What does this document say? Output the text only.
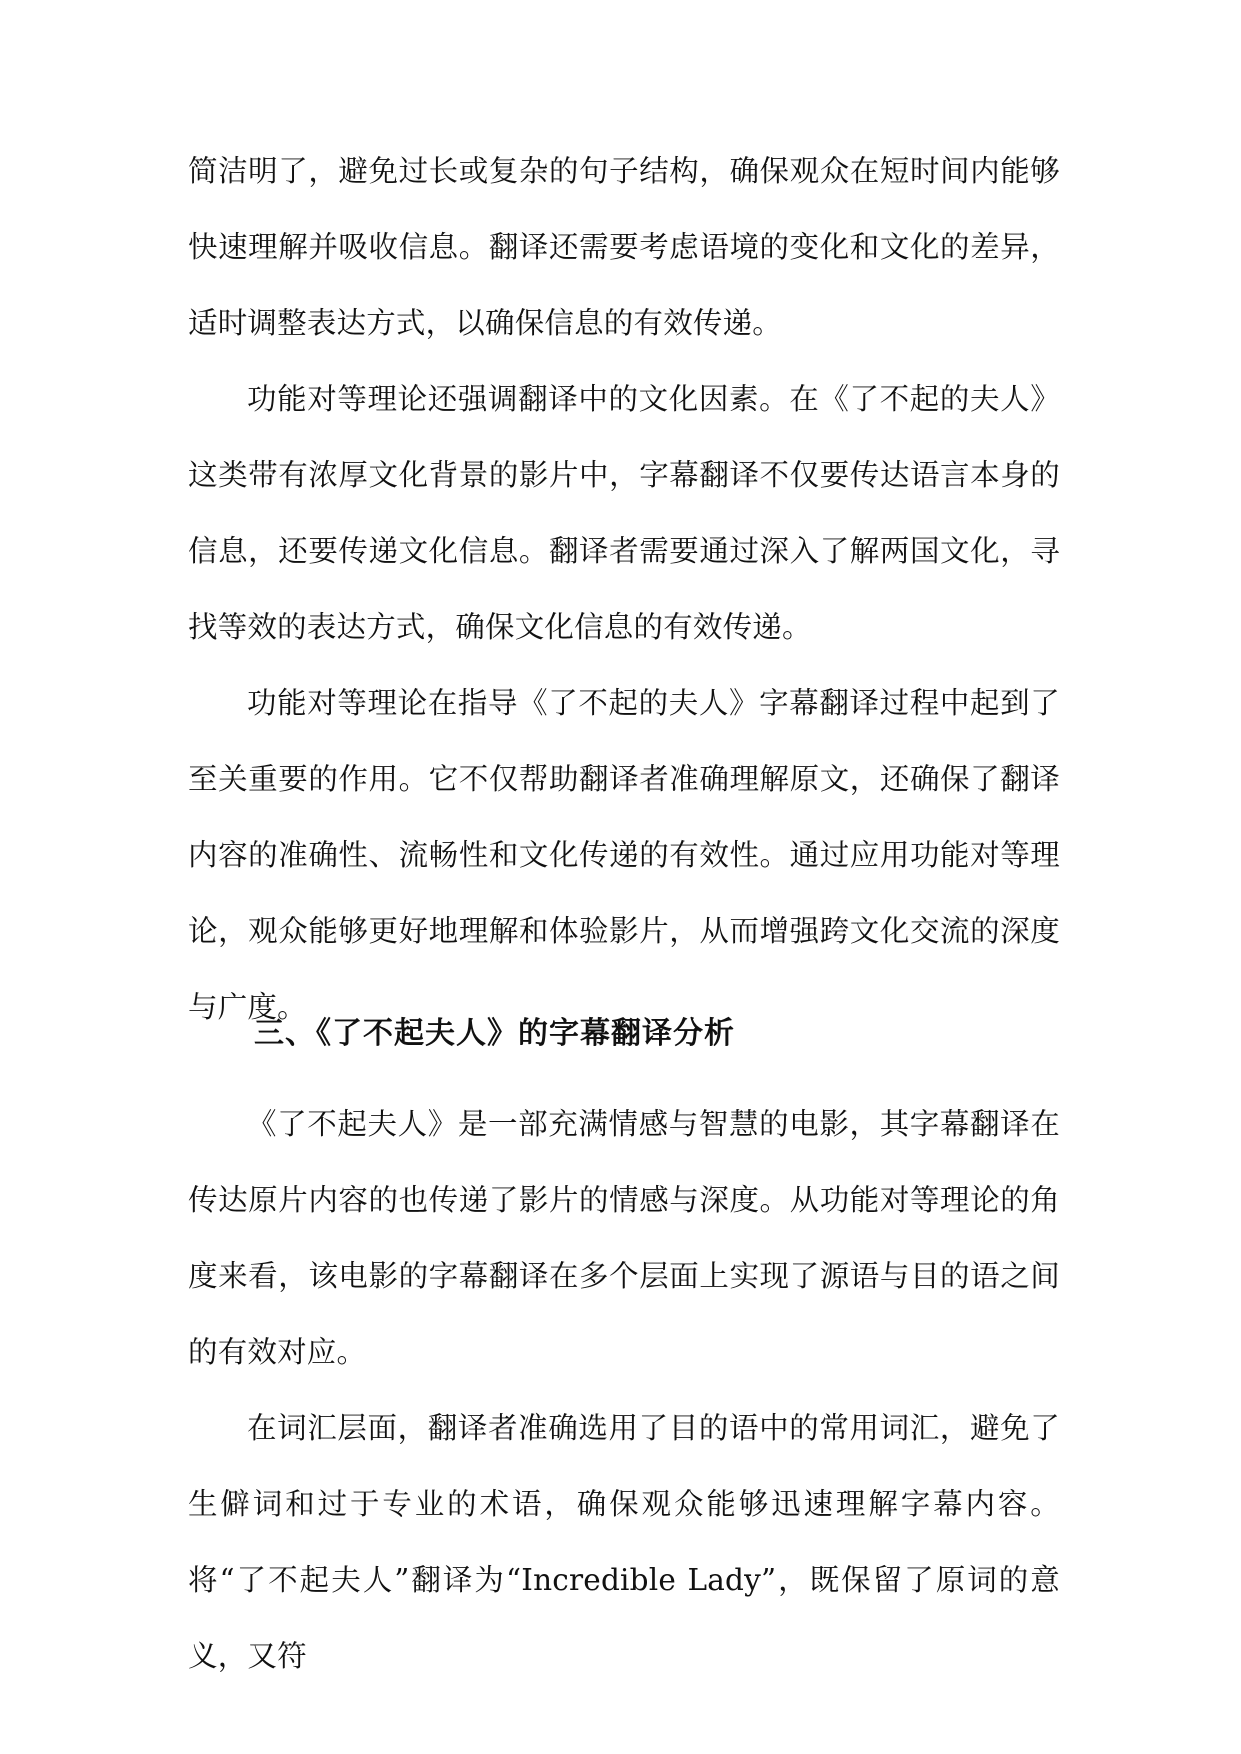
简洁明了，避免过长或复杂的句子结构，确保观众在短时间内能够快速理解并吸收信息。翻译还需要考虑语境的变化和文化的差异，适时调整表达方式，以确保信息的有效传递。

功能对等理论还强调翻译中的文化因素。在《了不起的夫人》这类带有浓厚文化背景的影片中，字幕翻译不仅要传达语言本身的信息，还要传递文化信息。翻译者需要通过深入了解两国文化，寻找等效的表达方式，确保文化信息的有效传递。

功能对等理论在指导《了不起的夫人》字幕翻译过程中起到了至关重要的作用。它不仅帮助翻译者准确理解原文，还确保了翻译内容的准确性、流畅性和文化传递的有效性。通过应用功能对等理论，观众能够更好地理解和体验影片，从而增强跨文化交流的深度与广度。

三、《了不起夫人》的字幕翻译分析

《了不起夫人》是一部充满情感与智慧的电影，其字幕翻译在传达原片内容的也传递了影片的情感与深度。从功能对等理论的角度来看，该电影的字幕翻译在多个层面上实现了源语与目的语之间的有效对应。

在词汇层面，翻译者准确选用了目的语中的常用词汇，避免了生僻词和过于专业的术语，确保观众能够迅速理解字幕内容。将“了不起夫人”翻译为“Incredible Lady”，既保留了原词的意义，又符
